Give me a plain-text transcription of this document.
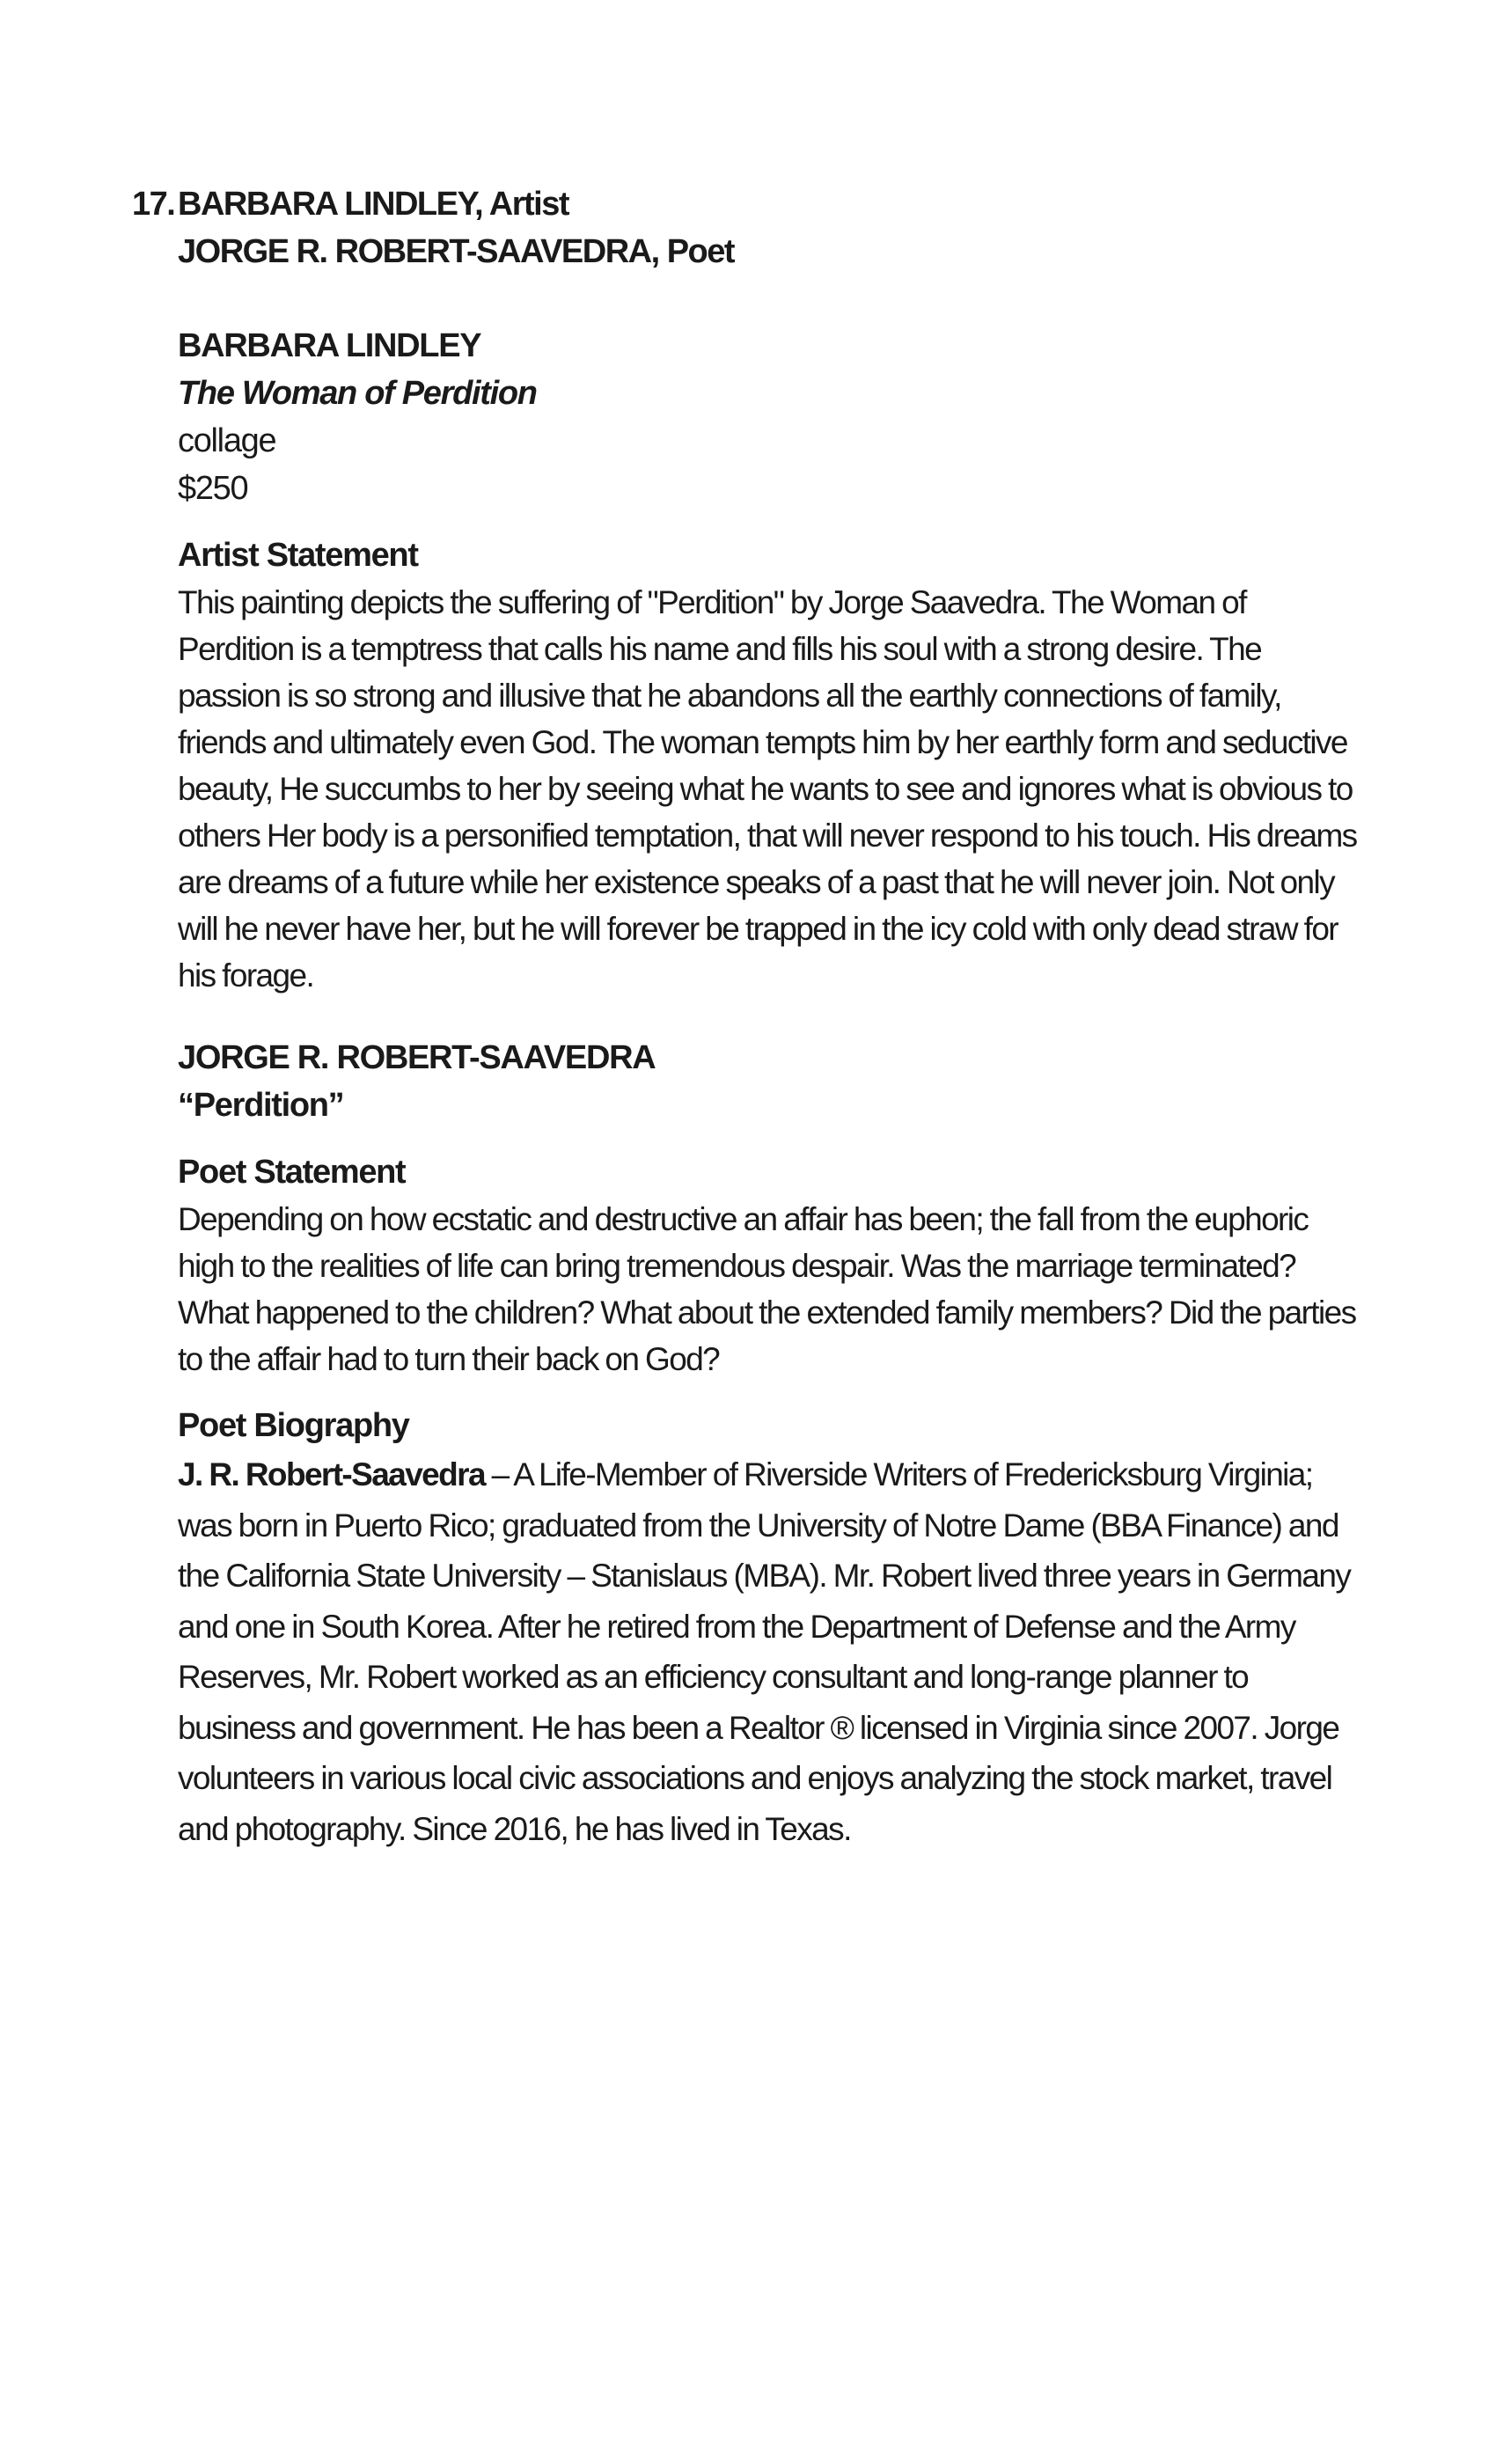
17. BARBARA LINDLEY, Artist
JORGE R. ROBERT-SAAVEDRA, Poet

BARBARA LINDLEY

The Woman of Perdition

collage

$250

Artist Statement

This painting depicts the suffering of "Perdition" by Jorge Saavedra. The Woman of Perdition is a temptress that calls his name and fills his soul with a strong desire. The passion is so strong and illusive that he abandons all the earthly connections of family, friends and ultimately even God. The woman tempts him by her earthly form and seductive beauty, He succumbs to her by seeing what he wants to see and ignores what is obvious to others Her body is a personified temptation, that will never respond to his touch. His dreams are dreams of a future while her existence speaks of a past that he will never join. Not only will he never have her, but he will forever be trapped in the icy cold with only dead straw for his forage.

JORGE R. ROBERT-SAAVEDRA

“Perdition”

Poet Statement

Depending on how ecstatic and destructive an affair has been; the fall from the euphoric high to the realities of life can bring tremendous despair. Was the marriage terminated? What happened to the children? What about the extended family members? Did the parties to the affair had to turn their back on God?

Poet Biography

J. R. Robert-Saavedra – A Life-Member of Riverside Writers of Fredericksburg Virginia; was born in Puerto Rico; graduated from the University of Notre Dame (BBA Finance) and the California State University – Stanislaus (MBA). Mr. Robert lived three years in Germany and one in South Korea. After he retired from the Department of Defense and the Army Reserves, Mr. Robert worked as an efficiency consultant and long-range planner to business and government. He has been a Realtor ® licensed in Virginia since 2007. Jorge volunteers in various local civic associations and enjoys analyzing the stock market, travel and photography. Since 2016, he has lived in Texas.
